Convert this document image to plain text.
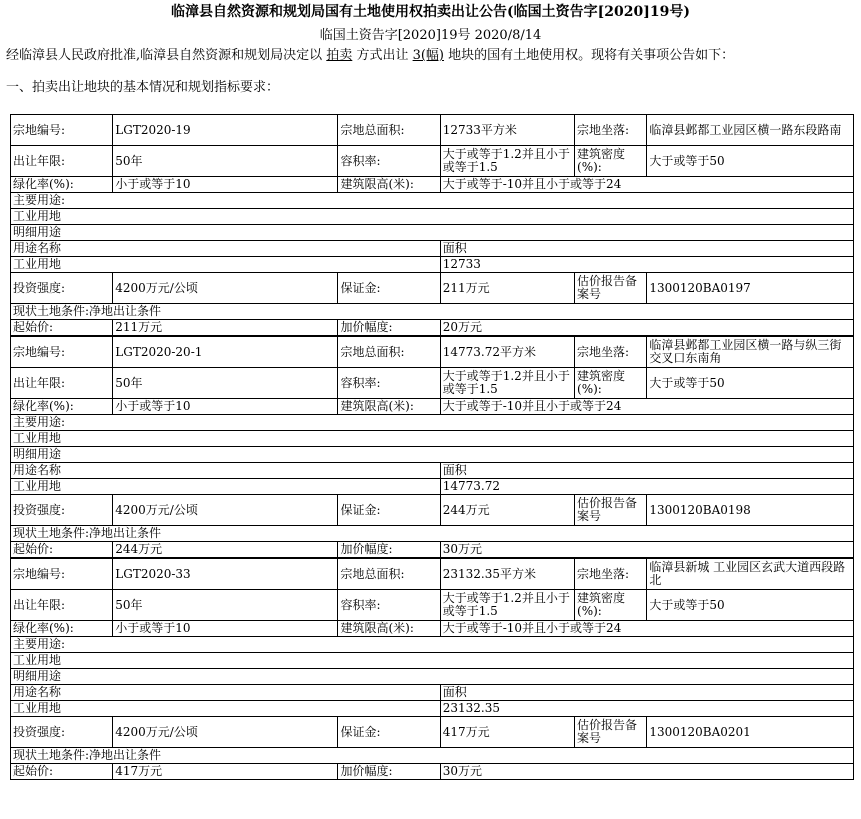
临漳县自然资源和规划局国有土地使用权拍卖出让公告(临国土资告字[2020]19号)
临国土资告字[2020]19号 2020/8/14
经临漳县人民政府批准,临漳县自然资源和规划局决定以 拍卖 方式出让 3(幅) 地块的国有土地使用权。现将有关事项公告如下：
一、拍卖出让地块的基本情况和规划指标要求：
宗地编号:	LGT2020-19	宗地总面积:	12733平方米	宗地坐落:	临漳县邺都工业园区横一路东段路南
出让年限:	50年	容积率:	大于或等于1.2并且小于或等于1.5	建筑密度(%):	大于或等于50
绿化率(%):	小于或等于10	建筑限高(米):	大于或等于-10并且小于或等于24		
主要用途:					
工业用地					
明细用途					
用途名称			面积		
工业用地			12733		
投资强度:	4200万元/公顷	保证金:	211万元	估价报告备案号	1300120BA0197
现状土地条件:净地出让条件					
起始价:	211万元	加价幅度:	20万元		
宗地编号:	LGT2020-20-1	宗地总面积:	14773.72平方米	宗地坐落:	临漳县邺都工业园区横一路与纵三街交叉口东南角
出让年限:	50年	容积率:	大于或等于1.2并且小于或等于1.5	建筑密度(%):	大于或等于50
绿化率(%):	小于或等于10	建筑限高(米):	大于或等于-10并且小于或等于24		
主要用途:					
工业用地					
明细用途					
用途名称			面积		
工业用地			14773.72		
投资强度:	4200万元/公顷	保证金:	244万元	估价报告备案号	1300120BA0198
现状土地条件:净地出让条件					
起始价:	244万元	加价幅度:	30万元		
宗地编号:	LGT2020-33	宗地总面积:	23132.35平方米	宗地坐落:	临漳县新城 工业园区玄武大道西段路北
出让年限:	50年	容积率:	大于或等于1.2并且小于或等于1.5	建筑密度(%):	大于或等于50
绿化率(%):	小于或等于10	建筑限高(米):	大于或等于-10并且小于或等于24		
主要用途:					
工业用地					
明细用途					
用途名称			面积		
工业用地			23132.35		
投资强度:	4200万元/公顷	保证金:	417万元	估价报告备案号	1300120BA0201
现状土地条件:净地出让条件					
起始价:	417万元	加价幅度:	30万元		
